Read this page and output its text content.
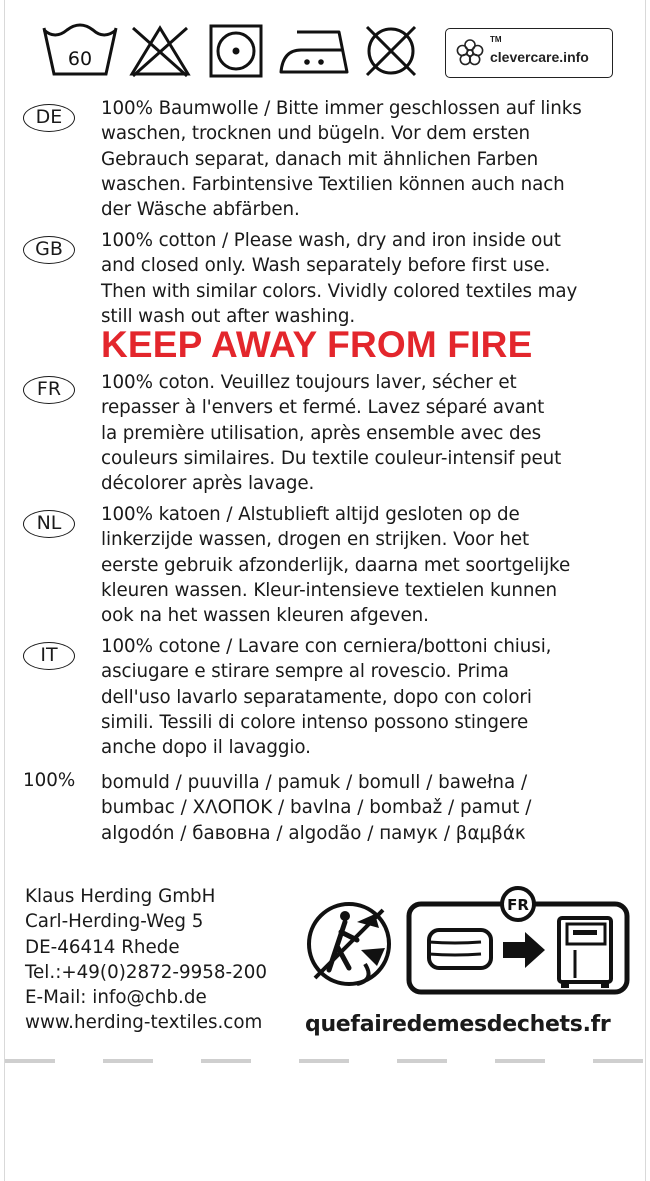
60
TM
clevercare.info
DE	100% Baumwolle / Bitte immer geschlossen auf links
waschen, trocknen und bügeln. Vor dem ersten
Gebrauch separat, danach mit ähnlichen Farben
waschen. Farbintensive Textilien können auch nach
der Wäsche abfärben.
GB	100% cotton / Please wash, dry and iron inside out
and closed only. Wash separately before first use.
Then with similar colors. Vividly colored textiles may
still wash out after washing.
KEEP AWAY FROM FIRE
FR	100% coton. Veuillez toujours laver, sécher et
repasser à l'envers et fermé. Lavez séparé avant
la première utilisation, après ensemble avec des
couleurs similaires. Du textile couleur-intensif peut
décolorer après lavage.
NL	100% katoen / Alstublieft altijd gesloten op de
linkerzijde wassen, drogen en strijken. Voor het
eerste gebruik afzonderlijk, daarna met soortgelijke
kleuren wassen. Kleur-intensieve textielen kunnen
ook na het wassen kleuren afgeven.
IT	100% cotone / Lavare con cerniera/bottoni chiusi,
asciugare e stirare sempre al rovescio. Prima
dell'uso lavarlo separatamente, dopo con colori
simili. Tessili di colore intenso possono stingere
anche dopo il lavaggio.
100% bomuld / puuvilla / pamuk / bomull / bawełna /
bumbac / ΧΛΟΠΟΚ / bavlna / bombaž / pamut /
algodón / бавовна / algodão / памук / βαμβάκ
Klaus Herding GmbH
Carl-Herding-Weg 5
DE-46414 Rhede
Tel.:+49(0)2872-9958-200
E-Mail: info@chb.de
www.herding-textiles.com
FR
quefairedemesdechets.fr
